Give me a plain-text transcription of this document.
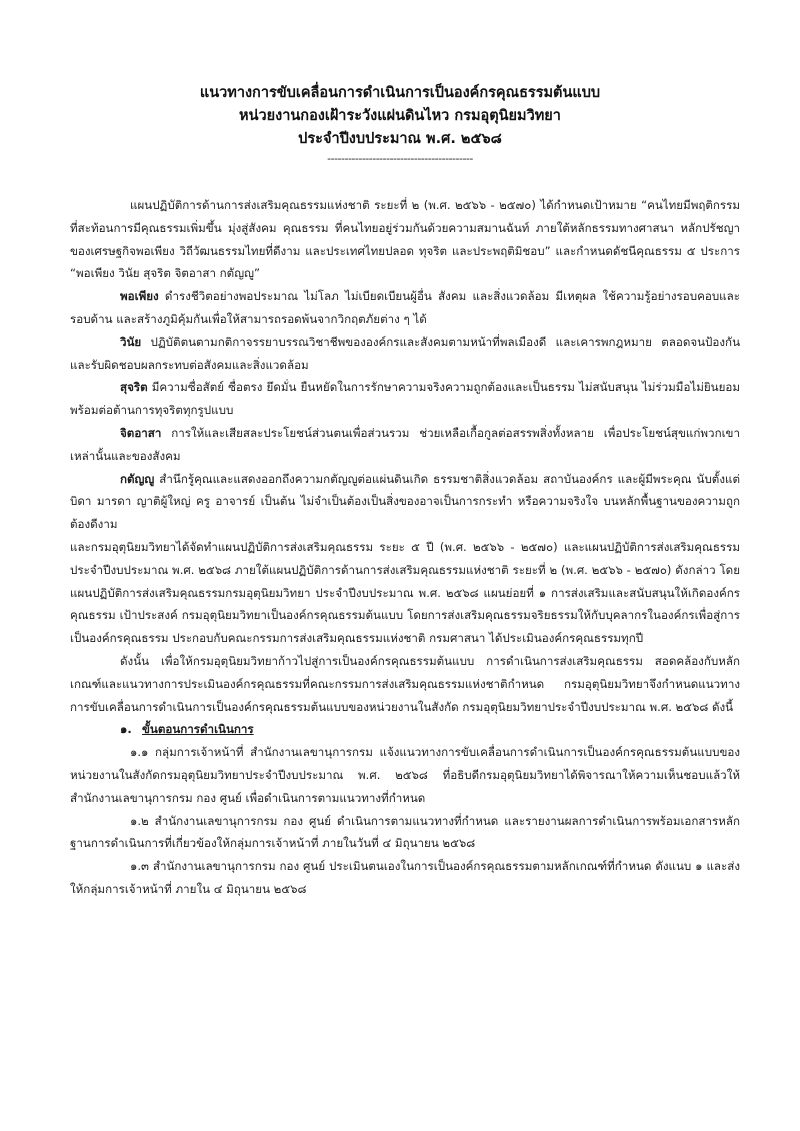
แนวทางการขับเคลื่อนการดำเนินการเป็นองค์กรคุณธรรมต้นแบบ
หน่วยงานกองเฝ้าระวังแผ่นดินไหว กรมอุตุนิยมวิทยา
ประจำปีงบประมาณ พ.ศ. ๒๕๖๘
------------------------------------------

แผนปฏิบัติการด้านการส่งเสริมคุณธรรมแห่งชาติ ระยะที่ ๒ (พ.ศ. ๒๕๖๖ - ๒๕๗๐) ได้กำหนดเป้าหมาย “คนไทยมีพฤติกรรมที่สะท้อนการมีคุณธรรมเพิ่มขึ้น มุ่งสู่สังคม คุณธรรม ที่คนไทยอยู่ร่วมกันด้วยความสมานฉันท์ ภายใต้หลักธรรมทางศาสนา หลักปรัชญาของเศรษฐกิจพอเพียง วิถีวัฒนธรรมไทยที่ดีงาม และประเทศไทยปลอด ทุจริต และประพฤติมิชอบ” และกำหนดดัชนีคุณธรรม ๕ ประการ “พอเพียง วินัย สุจริต จิตอาสา กตัญญู”

พอเพียง ดำรงชีวิตอย่างพอประมาณ ไม่โลภ ไม่เบียดเบียนผู้อื่น สังคม และสิ่งแวดล้อม มีเหตุผล ใช้ความรู้อย่างรอบคอบและรอบด้าน และสร้างภูมิคุ้มกันเพื่อให้สามารถรอดพ้นจากวิกฤตภัยต่าง ๆ ได้

วินัย ปฏิบัติตนตามกติกาจรรยาบรรณวิชาชีพขององค์กรและสังคมตามหน้าที่พลเมืองดี และเคารพกฎหมาย ตลอดจนป้องกัน และรับผิดชอบผลกระทบต่อสังคมและสิ่งแวดล้อม

สุจริต มีความซื่อสัตย์ ซื่อตรง ยึดมั่น ยืนหยัดในการรักษาความจริงความถูกต้องและเป็นธรรม ไม่สนับสนุน ไม่ร่วมมือไม่ยินยอมพร้อมต่อต้านการทุจริตทุกรูปแบบ

จิตอาสา การให้และเสียสละประโยชน์ส่วนตนเพื่อส่วนรวม ช่วยเหลือเกื้อกูลต่อสรรพสิ่งทั้งหลาย เพื่อประโยชน์สุขแก่พวกเขาเหล่านั้นและของสังคม

กตัญญู สำนึกรู้คุณและแสดงออกถึงความกตัญญูต่อแผ่นดินเกิด ธรรมชาติสิ่งแวดล้อม สถาบันองค์กร และผู้มีพระคุณ นับตั้งแต่ บิดา มารดา ญาติผู้ใหญ่ ครู อาจารย์ เป็นต้น ไม่จำเป็นต้องเป็นสิ่งของอาจเป็นการกระทำ หรือความจริงใจ บนหลักพื้นฐานของความถูกต้องดีงาม

และกรมอุตุนิยมวิทยาได้จัดทำแผนปฏิบัติการส่งเสริมคุณธรรม ระยะ ๕ ปี (พ.ศ. ๒๕๖๖ - ๒๕๗๐) และแผนปฏิบัติการส่งเสริมคุณธรรม ประจำปีงบประมาณ พ.ศ. ๒๕๖๘ ภายใต้แผนปฏิบัติการด้านการส่งเสริมคุณธรรมแห่งชาติ ระยะที่ ๒ (พ.ศ. ๒๕๖๖ - ๒๕๗๐) ดังกล่าว โดยแผนปฏิบัติการส่งเสริมคุณธรรมกรมอุตุนิยมวิทยา ประจำปีงบประมาณ พ.ศ. ๒๕๖๘ แผนย่อยที่ ๑ การส่งเสริมและสนับสนุนให้เกิดองค์กรคุณธรรม เป้าประสงค์ กรมอุตุนิยมวิทยาเป็นองค์กรคุณธรรมต้นแบบ โดยการส่งเสริมคุณธรรมจริยธรรมให้กับบุคลากรในองค์กรเพื่อสู่การเป็นองค์กรคุณธรรม ประกอบกับคณะกรรมการส่งเสริมคุณธรรมแห่งชาติ กรมศาสนา ได้ประเมินองค์กรคุณธรรมทุกปี

ดังนั้น เพื่อให้กรมอุตุนิยมวิทยาก้าวไปสู่การเป็นองค์กรคุณธรรมต้นแบบ การดำเนินการส่งเสริมคุณธรรม สอดคล้องกับหลักเกณฑ์และแนวทางการประเมินองค์กรคุณธรรมที่คณะกรรมการส่งเสริมคุณธรรมแห่งชาติกำหนด กรมอุตุนิยมวิทยาจึงกำหนดแนวทางการขับเคลื่อนการดำเนินการเป็นองค์กรคุณธรรมต้นแบบของหน่วยงานในสังกัด กรมอุตุนิยมวิทยาประจำปีงบประมาณ พ.ศ. ๒๕๖๘ ดังนี้

๑. ขั้นตอนการดำเนินการ

๑.๑ กลุ่มการเจ้าหน้าที่ สำนักงานเลขานุการกรม แจ้งแนวทางการขับเคลื่อนการดำเนินการเป็นองค์กรคุณธรรมต้นแบบของหน่วยงานในสังกัดกรมอุตุนิยมวิทยาประจำปีงบประมาณ พ.ศ. ๒๕๖๘ ที่อธิบดีกรมอุตุนิยมวิทยาได้พิจารณาให้ความเห็นชอบแล้วให้สำนักงานเลขานุการกรม กอง ศูนย์ เพื่อดำเนินการตามแนวทางที่กำหนด

๑.๒ สำนักงานเลขานุการกรม กอง ศูนย์ ดำเนินการตามแนวทางที่กำหนด และรายงานผลการดำเนินการพร้อมเอกสารหลักฐานการดำเนินการที่เกี่ยวข้องให้กลุ่มการเจ้าหน้าที่ ภายในวันที่ ๔ มิถุนายน ๒๕๖๘

๑.๓ สำนักงานเลขานุการกรม กอง ศูนย์ ประเมินตนเองในการเป็นองค์กรคุณธรรมตามหลักเกณฑ์ที่กำหนด ดังแนบ ๑ และส่งให้กลุ่มการเจ้าหน้าที่ ภายใน ๔ มิถุนายน ๒๕๖๘
